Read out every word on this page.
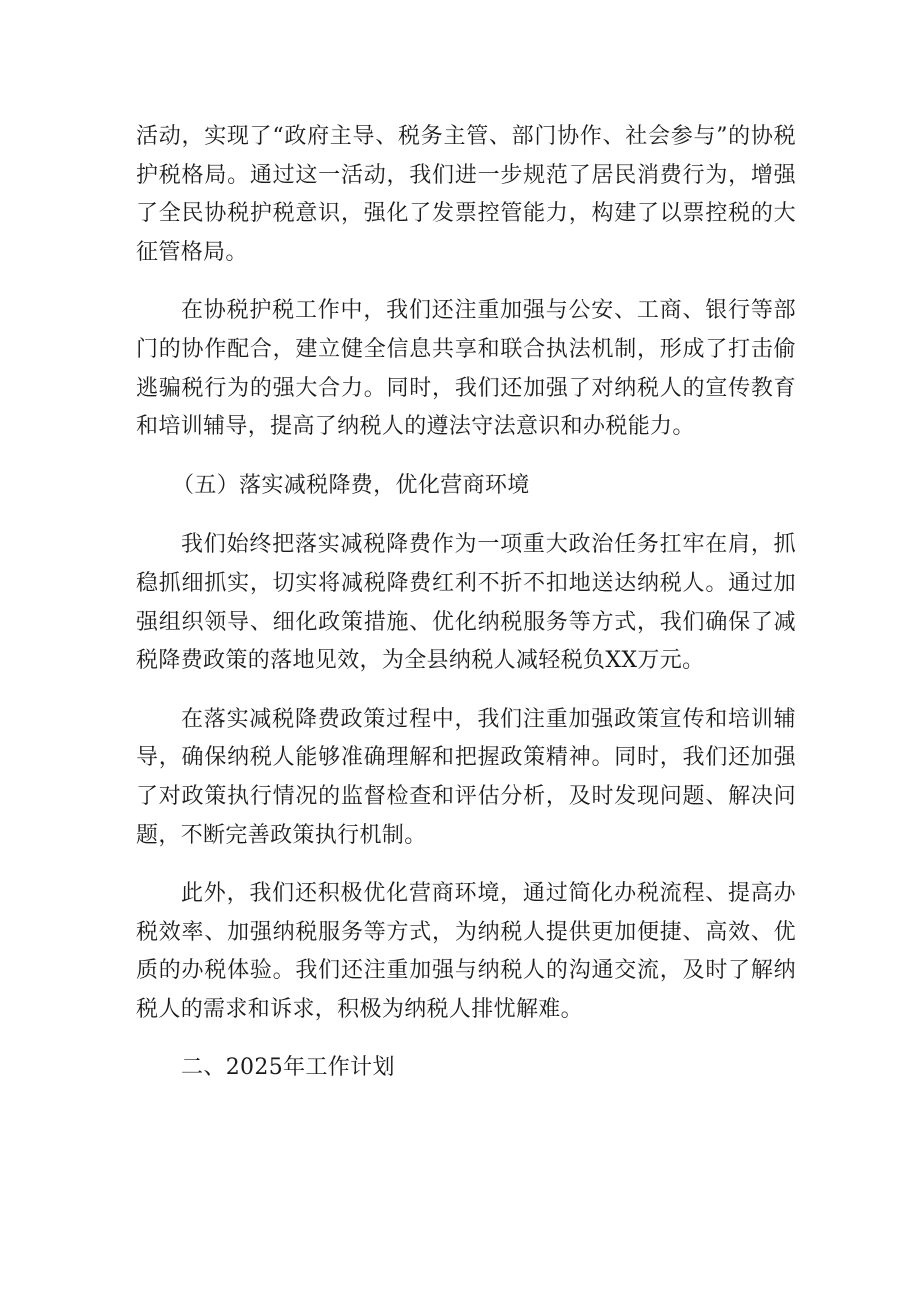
活动，实现了“政府主导、税务主管、部门协作、社会参与”的协税护税格局。通过这一活动，我们进一步规范了居民消费行为，增强了全民协税护税意识，强化了发票控管能力，构建了以票控税的大征管格局。

在协税护税工作中，我们还注重加强与公安、工商、银行等部门的协作配合，建立健全信息共享和联合执法机制，形成了打击偷逃骗税行为的强大合力。同时，我们还加强了对纳税人的宣传教育和培训辅导，提高了纳税人的遵法守法意识和办税能力。

（五）落实减税降费，优化营商环境

我们始终把落实减税降费作为一项重大政治任务扛牢在肩，抓稳抓细抓实，切实将减税降费红利不折不扣地送达纳税人。通过加强组织领导、细化政策措施、优化纳税服务等方式，我们确保了减税降费政策的落地见效，为全县纳税人减轻税负XX万元。

在落实减税降费政策过程中，我们注重加强政策宣传和培训辅导，确保纳税人能够准确理解和把握政策精神。同时，我们还加强了对政策执行情况的监督检查和评估分析，及时发现问题、解决问题，不断完善政策执行机制。

此外，我们还积极优化营商环境，通过简化办税流程、提高办税效率、加强纳税服务等方式，为纳税人提供更加便捷、高效、优质的办税体验。我们还注重加强与纳税人的沟通交流，及时了解纳税人的需求和诉求，积极为纳税人排忧解难。

二、2025年工作计划
